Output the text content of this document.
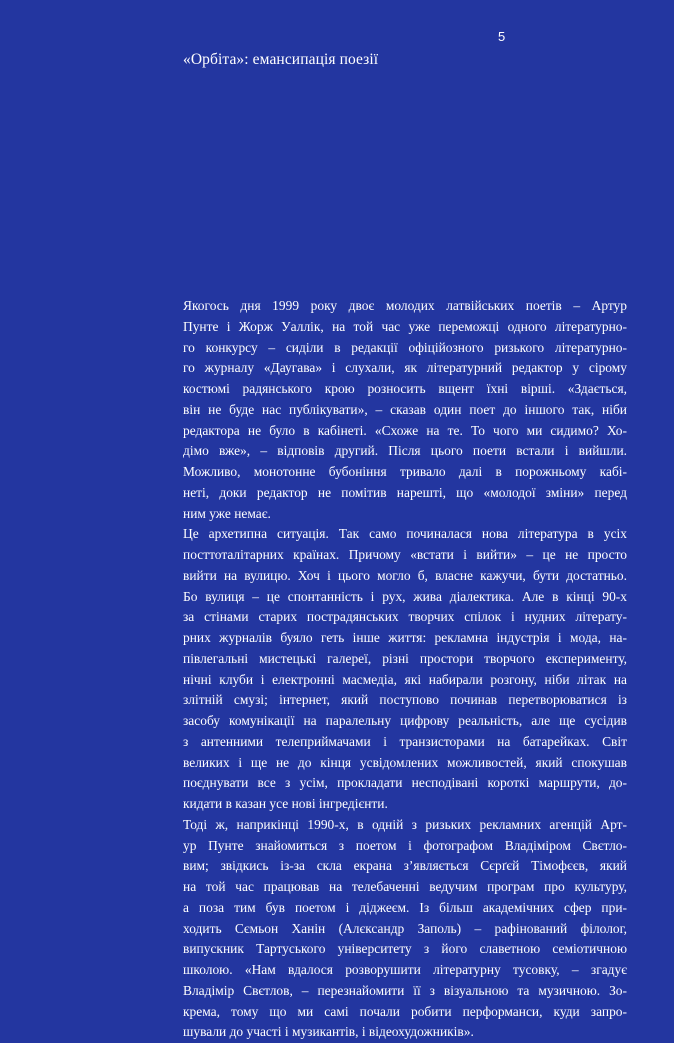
5
«Орбіта»: емансипація поезії
Якогось дня 1999 року двоє молодих латвійських поетів – Артур
Пунте і Жорж Уаллік, на той час уже переможці одного літературно-
го конкурсу – сиділи в редакції офіційозного ризького літературно-
го журналу «Даугава» і слухали, як літературний редактор у сірому
костюмі радянського крою розносить вщент їхні вірші. «Здається,
він не буде нас публікувати», – сказав один поет до іншого так, ніби
редактора не було в кабінеті. «Схоже на те. То чого ми сидимо? Хо-
дімо вже», – відповів другий. Після цього поети встали і вийшли.
Можливо, монотонне бубоніння тривало далі в порожньому кабі-
неті, доки редактор не помітив нарешті, що «молодої зміни» перед
ним уже немає.
Це архетипна ситуація. Так само починалася нова література в усіх
посттоталітарних країнах. Причому «встати і вийти» – це не просто
вийти на вулицю. Хоч і цього могло б, власне кажучи, бути достатньо.
Бо вулиця – це спонтанність і рух, жива діалектика. Але в кінці 90-х
за стінами старих пострадянських творчих спілок і нудних літерату-
рних журналів буяло геть інше життя: рекламна індустрія і мода, на-
півлегальні мистецькі галереї, різні простори творчого експерименту,
нічні клуби і електронні масмедіа, які набирали розгону, ніби літак на
злітній смузі; інтернет, який поступово починав перетворюватися із
засобу комунікації на паралельну цифрову реальність, але ще сусідив
з антенними телеприймачами і транзисторами на батарейках. Світ
великих і ще не до кінця усвідомлених можливостей, який спокушав
поєднувати все з усім, прокладати несподівані короткі маршрути, до-
кидати в казан усе нові інгредієнти.
Тоді ж, наприкінці 1990-х, в одній з ризьких рекламних агенцій Арт-
ур Пунте знайомиться з поетом і фотографом Владіміром Свєтло-
вим; звідкись із-за скла екрана з’являється Сєрґєй Тімофєєв, який
на той час працював на телебаченні ведучим програм про культуру,
а поза тим був поетом і діджеєм. Із більш академічних сфер при-
ходить Сємьон Ханін (Алєксандр Заполь) – рафінований філолог,
випускник Тартуського університету з його славетною семіотичною
школою. «Нам вдалося розворушити літературну тусовку, – згадує
Владімір Свєтлов, – перезнайомити її з візуальною та музичною. Зо-
крема, тому що ми самі почали робити перформанси, куди запро-
шували до участі і музикантів, і відеохудожників».
